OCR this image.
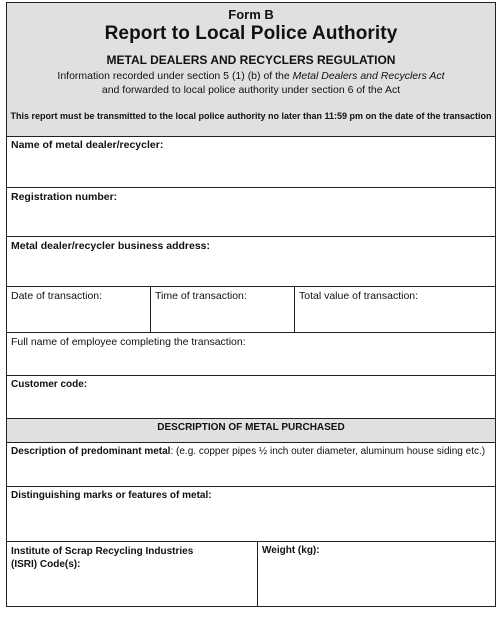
Form B
Report to Local Police Authority
METAL DEALERS AND RECYCLERS REGULATION
Information recorded under section 5 (1) (b) of the Metal Dealers and Recyclers Act
and forwarded to local police authority under section 6 of the Act
This report must be transmitted to the local police authority no later than 11:59 pm on the date of the transaction
Name of metal dealer/recycler:
Registration number:
Metal dealer/recycler business address:
Date of transaction:	Time of transaction:	Total value of transaction:
Full name of employee completing the transaction:
Customer code:
DESCRIPTION OF METAL PURCHASED
Description of predominant metal: (e.g. copper pipes ½ inch outer diameter, aluminum house siding etc.)
Distinguishing marks or features of metal:
Institute of Scrap Recycling Industries
(ISRI) Code(s):
Weight (kg):
